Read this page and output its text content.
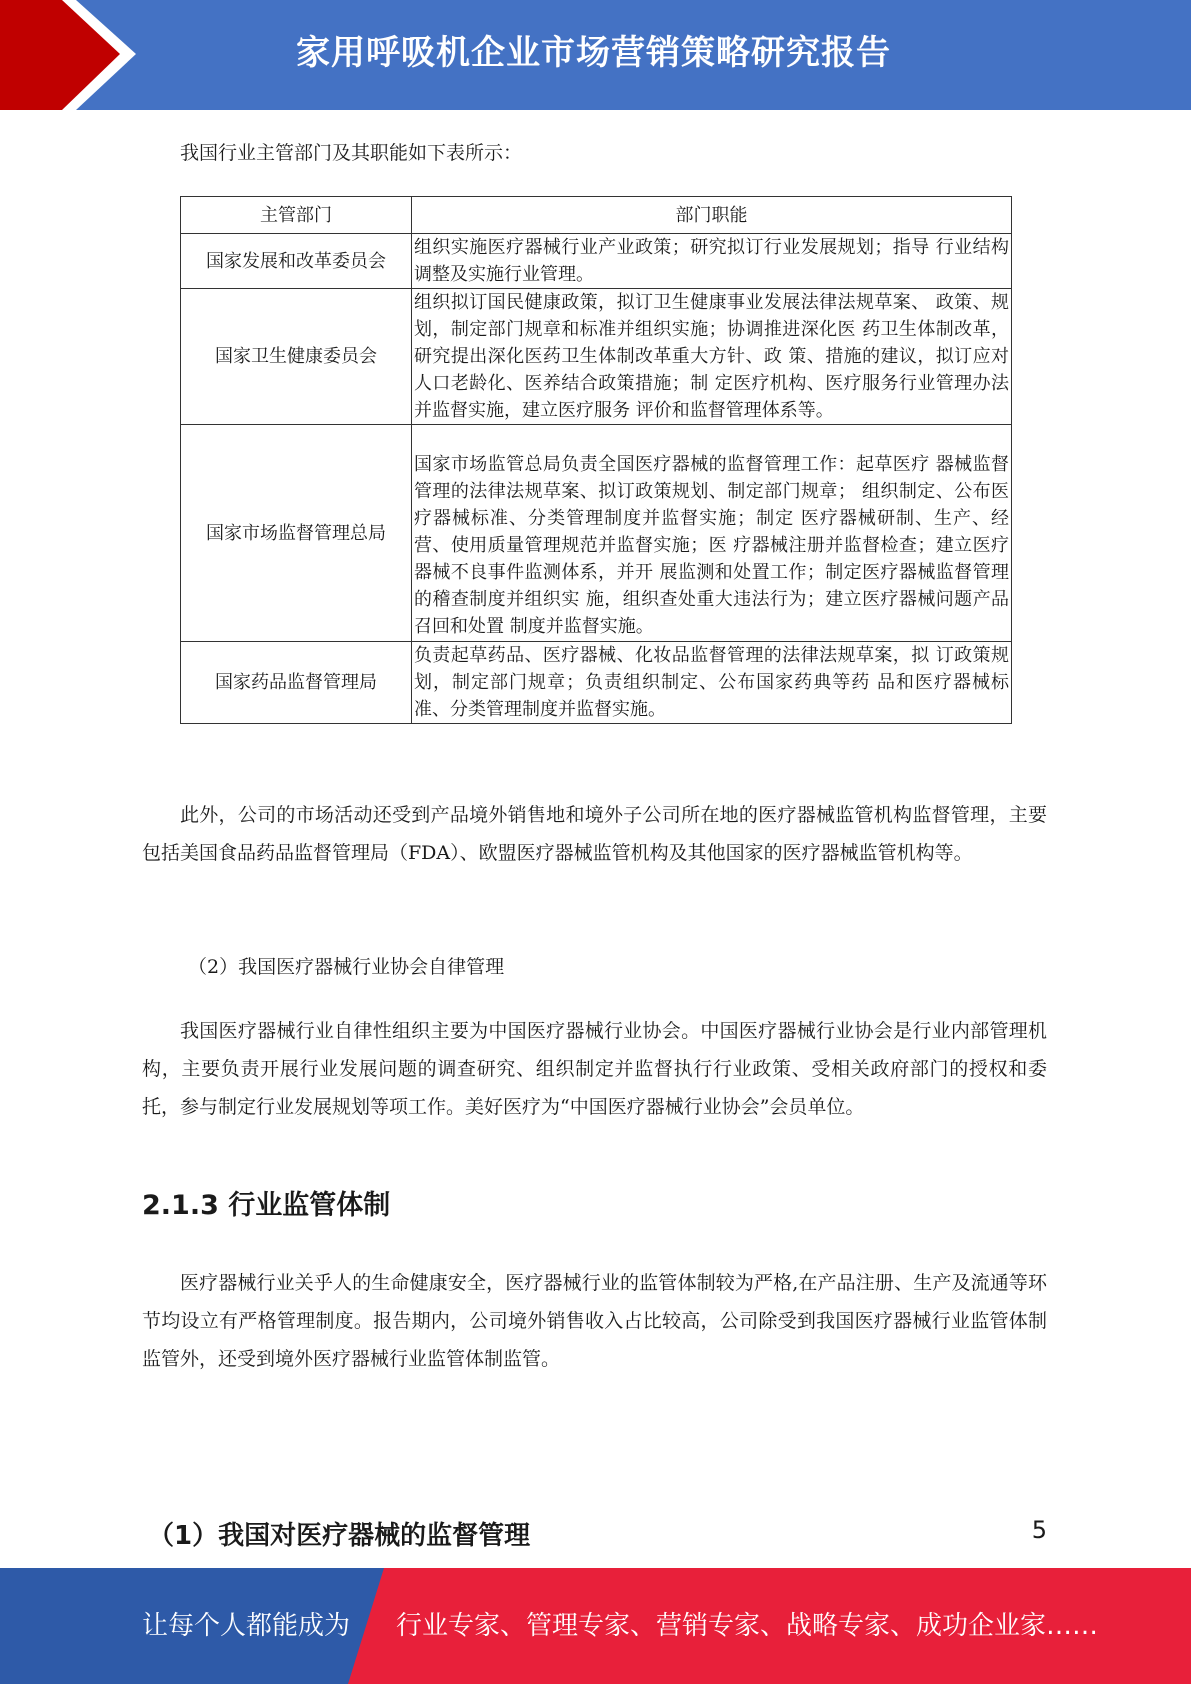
家用呼吸机企业市场营销策略研究报告

我国行业主管部门及其职能如下表所示：

主管部门	部门职能
国家发展和改革委员会	组织实施医疗器械行业产业政策；研究拟订行业发展规划；指导 行业结构调整及实施行业管理。
国家卫生健康委员会	组织拟订国民健康政策，拟订卫生健康事业发展法律法规草案、 政策、规划，制定部门规章和标准并组织实施；协调推进深化医 药卫生体制改革，研究提出深化医药卫生体制改革重大方针、政 策、措施的建议，拟订应对人口老龄化、医养结合政策措施；制 定医疗机构、医疗服务行业管理办法并监督实施，建立医疗服务 评价和监督管理体系等。
国家市场监督管理总局	国家市场监管总局负责全国医疗器械的监督管理工作：起草医疗 器械监督管理的法律法规草案、拟订政策规划、制定部门规章； 组织制定、公布医疗器械标准、分类管理制度并监督实施；制定 医疗器械研制、生产、经营、使用质量管理规范并监督实施；医 疗器械注册并监督检查；建立医疗器械不良事件监测体系，并开 展监测和处置工作；制定医疗器械监督管理的稽查制度并组织实 施，组织查处重大违法行为；建立医疗器械问题产品召回和处置 制度并监督实施。
国家药品监督管理局	负责起草药品、医疗器械、化妆品监督管理的法律法规草案，拟 订政策规划，制定部门规章；负责组织制定、公布国家药典等药 品和医疗器械标准、分类管理制度并监督实施。

此外，公司的市场活动还受到产品境外销售地和境外子公司所在地的医疗器械监管机构监督管理，主要包括美国食品药品监督管理局（FDA）、欧盟医疗器械监管机构及其他国家的医疗器械监管机构等。

（2）我国医疗器械行业协会自律管理

我国医疗器械行业自律性组织主要为中国医疗器械行业协会。中国医疗器械行业协会是行业内部管理机构，主要负责开展行业发展问题的调查研究、组织制定并监督执行行业政策、受相关政府部门的授权和委托，参与制定行业发展规划等项工作。美好医疗为“中国医疗器械行业协会”会员单位。

2.1.3 行业监管体制

医疗器械行业关乎人的生命健康安全，医疗器械行业的监管体制较为严格,在产品注册、生产及流通等环节均设立有严格管理制度。报告期内，公司境外销售收入占比较高，公司除受到我国医疗器械行业监管体制监管外，还受到境外医疗器械行业监管体制监管。

（1）我国对医疗器械的监督管理	5
让每个人都能成为 行业专家、管理专家、营销专家、战略专家、成功企业家……
